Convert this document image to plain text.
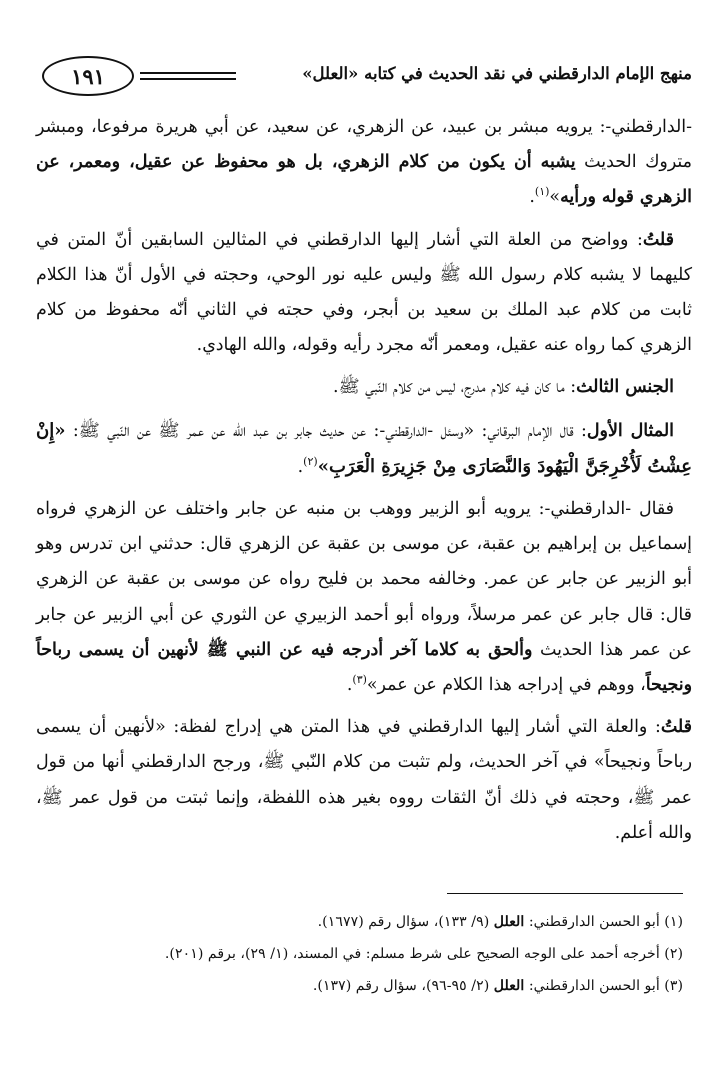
منهج الإمام الدارقطني في نقد الحديث في كتابه «العلل»
١٩١

-الدارقطني-: يرويه مبشر بن عبيد، عن الزهري، عن سعيد، عن أبي هريرة مرفوعا، ومبشر متروك الحديث يشبه أن يكون من كلام الزهري، بل هو محفوظ عن عقيل، ومعمر، عن الزهري قوله ورأيه»$^{(١)}$.

قلتُ: وواضح من العلة التي أشار إليها الدارقطني في المثالين السابقين أنّ المتن في كليهما لا يشبه كلام رسول الله ﷺ وليس عليه نور الوحي، وحجته في الأول أنّ هذا الكلام ثابت من كلام عبد الملك بن سعيد بن أبجر، وفي حجته في الثاني أنّه محفوظ من كلام الزهري كما رواه عنه عقيل، ومعمر أنّه مجرد رأيه وقوله، والله الهادي.

الجنس الثالث: ما كان فيه كلام مدرج، ليس من كلام النّبي ﷺ.

المثال الأول: قال الإمام البرقاني: «وسئل -الدارقطني-: عن حديث جابر بن عبد الله عن عمر ﷺ عن النّبي ﷺ: «إِنْ عِشْتُ لَأُخْرِجَنَّ الْيَهُودَ وَالنَّصَارَى مِنْ جَزِيرَةِ الْعَرَبِ»$^{(٢)}$.

فقال -الدارقطني-: يرويه أبو الزبير ووهب بن منبه عن جابر واختلف عن الزهري فرواه إسماعيل بن إبراهيم بن عقبة، عن موسى بن عقبة عن الزهري قال: حدثني ابن تدرس وهو أبو الزبير عن جابر عن عمر. وخالفه محمد بن فليح رواه عن موسى بن عقبة عن الزهري قال: قال جابر عن عمر مرسلاً، ورواه أبو أحمد الزبيري عن الثوري عن أبي الزبير عن جابر عن عمر هذا الحديث وألحق به كلاما آخر أدرجه فيه عن النبي ﷺ لأنهين أن يسمى رباحاً ونجيحاً، ووهم في إدراجه هذا الكلام عن عمر»$^{(٣)}$.

قلتُ: والعلة التي أشار إليها الدارقطني في هذا المتن هي إدراج لفظة: «لأنهين أن يسمى رباحاً ونجيحاً» في آخر الحديث، ولم تثبت من كلام النّبي ﷺ، ورجح الدارقطني أنها من قول عمر ﷺ، وحجته في ذلك أنّ الثقات رووه بغير هذه اللفظة، وإنما ثبتت من قول عمر ﷺ، والله أعلم.

(١) أبو الحسن الدارقطني: العلل (٩/ ١٣٣)، سؤال رقم (١٦٧٧).
(٢) أخرجه أحمد على الوجه الصحيح على شرط مسلم: في المسند، (١/ ٢٩)، برقم (٢٠١).
(٣) أبو الحسن الدارقطني: العلل (٢/ ٩٥-٩٦)، سؤال رقم (١٣٧).
